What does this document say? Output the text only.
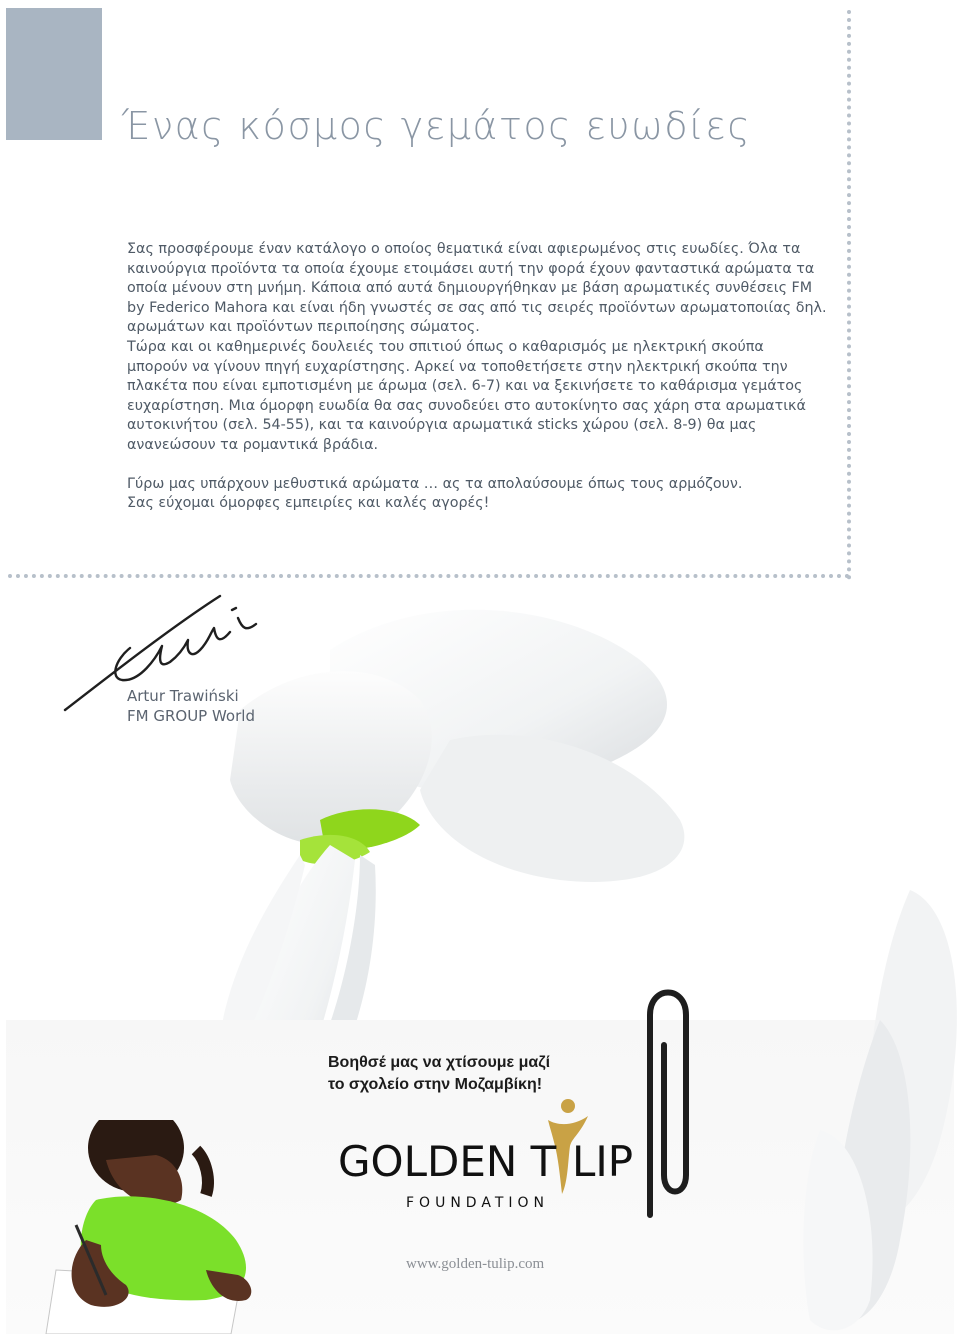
Ένας κόσμος γεμάτος ευωδίες

Σας προσφέρουμε έναν κατάλογο ο οποίος θεματικά είναι αφιερωμένος στις ευωδίες. Όλα τα καινούργια προϊόντα τα οποία έχουμε ετοιμάσει αυτή την φορά έχουν φανταστικά αρώματα τα οποία μένουν στη μνήμη. Κάποια από αυτά δημιουργήθηκαν με βάση αρωματικές συνθέσεις FM by Federico Mahora και είναι ήδη γνωστές σε σας από τις σειρές προϊόντων αρωματοποιίας δηλ. αρωμάτων και προϊόντων περιποίησης σώματος.

Τώρα και οι καθημερινές δουλειές του σπιτιού όπως ο καθαρισμός με ηλεκτρική σκούπα μπορούν να γίνουν πηγή ευχαρίστησης. Αρκεί να τοποθετήσετε στην ηλεκτρική σκούπα την πλακέτα που είναι εμποτισμένη με άρωμα (σελ. 6-7) και να ξεκινήσετε το καθάρισμα γεμάτος ευχαρίστηση. Μια όμορφη ευωδία θα σας συνοδεύει στο αυτοκίνητο σας χάρη στα αρωματικά αυτοκινήτου (σελ. 54-55), και τα καινούργια αρωματικά sticks χώρου (σελ. 8-9) θα μας ανανεώσουν τα ρομαντικά βράδια.

Γύρω μας υπάρχουν μεθυστικά αρώματα … ας τα απολαύσουμε όπως τους αρμόζουν.

Σας εύχομαι όμορφες εμπειρίες και καλές αγορές!

Artur Trawiński
FM GROUP World
Βοηθσέ μας να χτίσουμε μαζί
το σχολείο στην Μοζαμβίκη!
GOLDEN T LIP
FOUNDATION
www.golden-tulip.com
